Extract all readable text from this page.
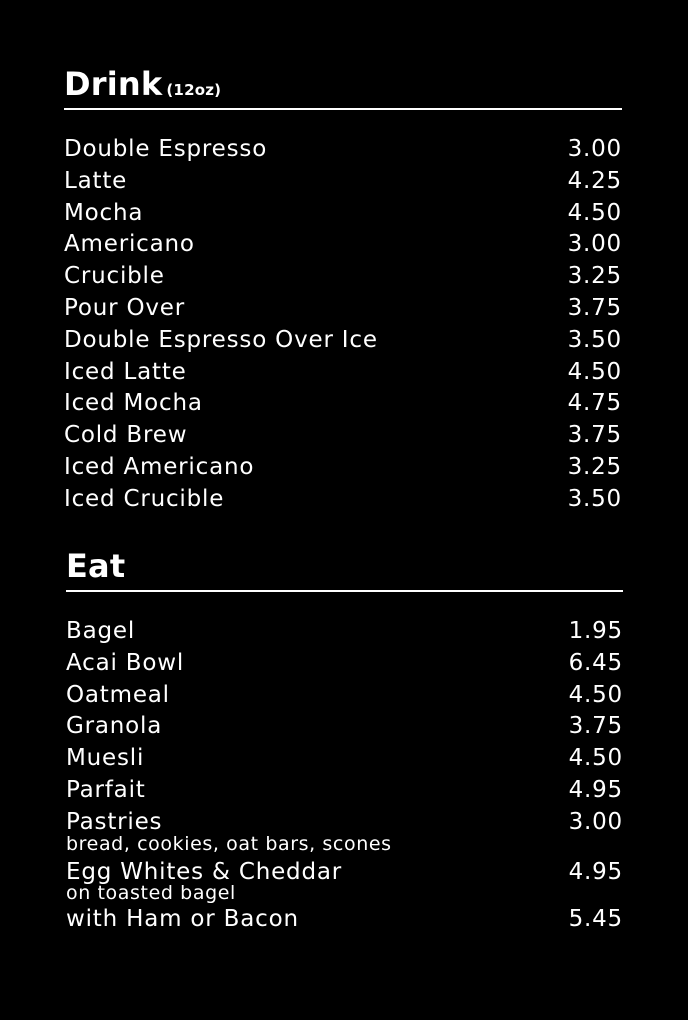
Drink (12oz)
Double Espresso	3.00
Latte	4.25
Mocha	4.50
Americano	3.00
Crucible	3.25
Pour Over	3.75
Double Espresso Over Ice	3.50
Iced Latte	4.50
Iced Mocha	4.75
Cold Brew	3.75
Iced Americano	3.25
Iced Crucible	3.50
Eat
Bagel	1.95
Acai Bowl	6.45
Oatmeal	4.50
Granola	3.75
Muesli	4.50
Parfait	4.95
Pastries	3.00
bread, cookies, oat bars, scones
Egg Whites & Cheddar	4.95
on toasted bagel
with Ham or Bacon	5.45
